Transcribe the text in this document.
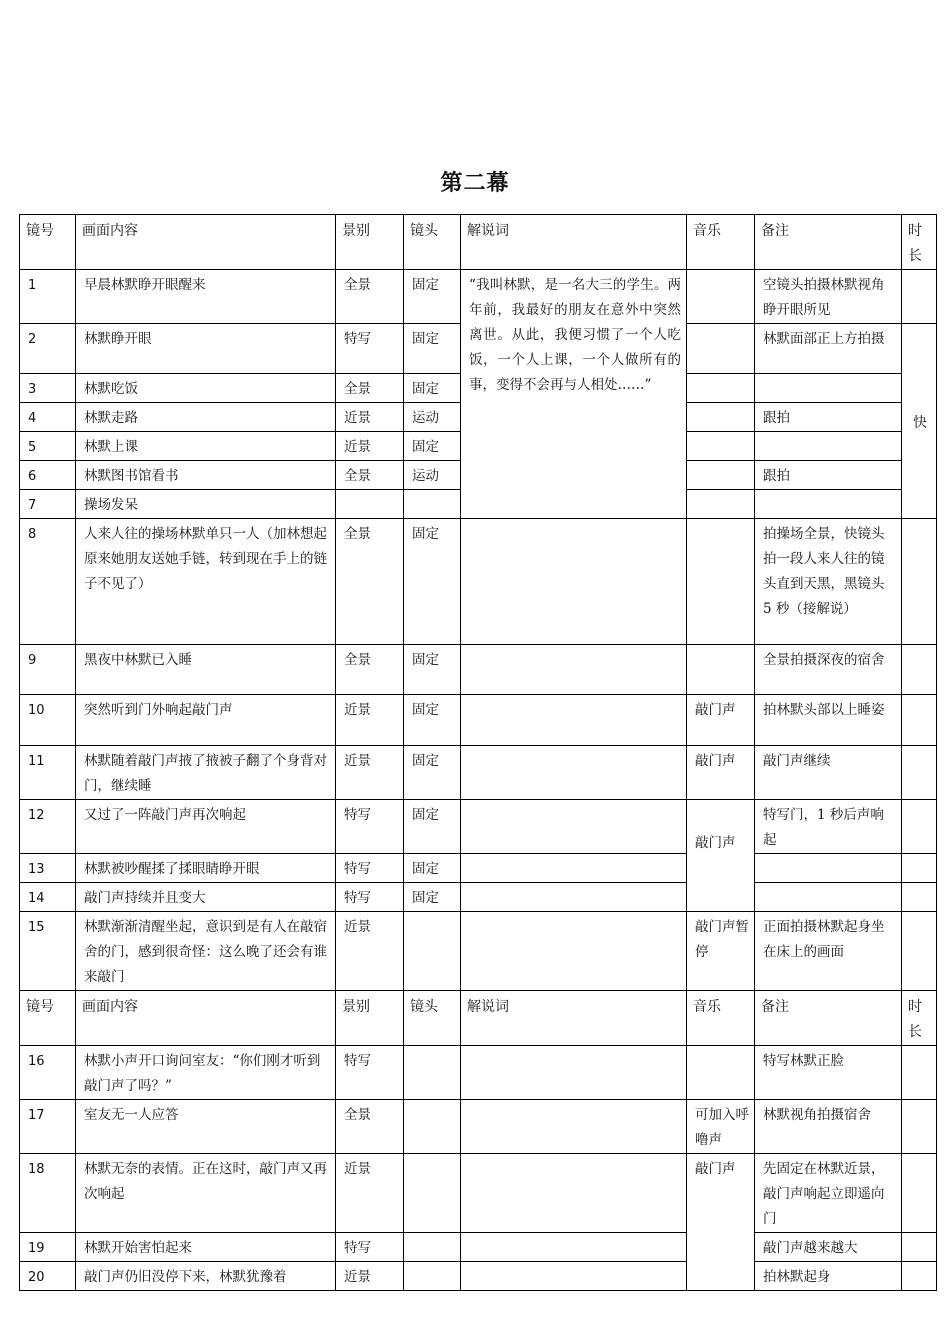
第二幕
镜号	画面内容	景别	镜头	解说词	音乐	备注	时长
1	早晨林默睁开眼醒来	全景	固定	“我叫林默，是一名大三的学生。两年前，我最好的朋友在意外中突然离世。从此，我便习惯了一个人吃饭，一个人上课，一个人做所有的事，变得不会再与人相处……”		空镜头拍摄林默视角睁开眼所见	
2	林默睁开眼	特写	固定			林默面部正上方拍摄	快
3	林默吃饭	全景	固定				
4	林默走路	近景	运动			跟拍	
5	林默上课	近景	固定				
6	林默图书馆看书	全景	运动			跟拍	
7	操场发呆						
8	人来人往的操场林默单只一人（加林想起原来她朋友送她手链，转到现在手上的链子不见了）	全景	固定			拍操场全景，快镜头拍一段人来人往的镜头直到天黑，黑镜头 5 秒（接解说）	
9	黑夜中林默已入睡	全景	固定			全景拍摄深夜的宿舍	
10	突然听到门外响起敲门声	近景	固定		敲门声	拍林默头部以上睡姿	
11	林默随着敲门声掖了掖被子翻了个身背对门，继续睡	近景	固定		敲门声	敲门声继续	
12	又过了一阵敲门声再次响起	特写	固定		敲门声	特写门，1 秒后声响起	
13	林默被吵醒揉了揉眼睛睁开眼	特写	固定				
14	敲门声持续并且变大	特写	固定				
15	林默渐渐清醒坐起，意识到是有人在敲宿舍的门，感到很奇怪：这么晚了还会有谁来敲门	近景			敲门声暂停	正面拍摄林默起身坐在床上的画面	
镜号	画面内容	景别	镜头	解说词	音乐	备注	时长
16	林默小声开口询问室友：“你们刚才听到敲门声了吗？”	特写				特写林默正脸	
17	室友无一人应答	全景			可加入呼噜声	林默视角拍摄宿舍	
18	林默无奈的表情。正在这时，敲门声又再次响起	近景			敲门声	先固定在林默近景，敲门声响起立即遥向门	
19	林默开始害怕起来	特写				敲门声越来越大	
20	敲门声仍旧没停下来，林默犹豫着	近景				拍林默起身	
